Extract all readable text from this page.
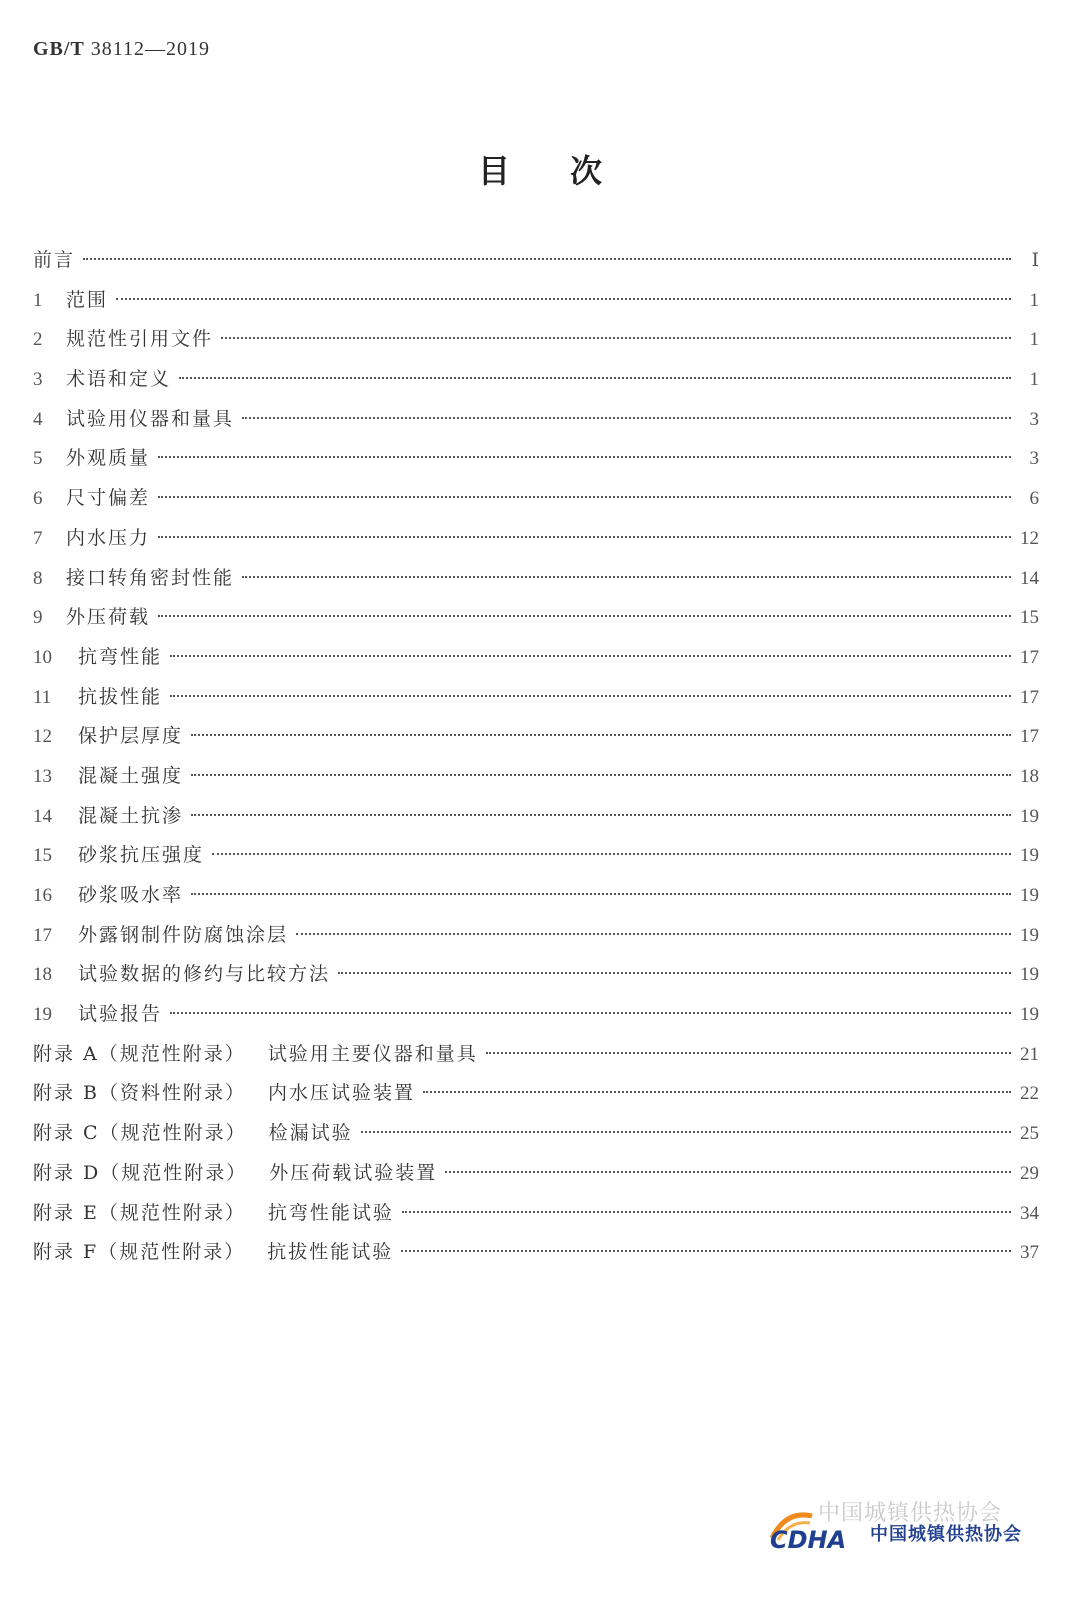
GB/T 38112—2019
目次
前言	Ⅰ
1	范围	1
2	规范性引用文件	1
3	术语和定义	1
4	试验用仪器和量具	3
5	外观质量	3
6	尺寸偏差	6
7	内水压力	12
8	接口转角密封性能	14
9	外压荷载	15
10	抗弯性能	17
11	抗拔性能	17
12	保护层厚度	17
13	混凝土强度	18
14	混凝土抗渗	19
15	砂浆抗压强度	19
16	砂浆吸水率	19
17	外露钢制件防腐蚀涂层	19
18	试验数据的修约与比较方法	19
19	试验报告	19
附录 A（规范性附录） 试验用主要仪器和量具	21
附录 B（资料性附录） 内水压试验装置	22
附录 C（规范性附录） 检漏试验	25
附录 D（规范性附录） 外压荷载试验装置	29
附录 E（规范性附录） 抗弯性能试验	34
附录 F（规范性附录） 抗拔性能试验	37
中国城镇供热协会
CDHA 中国城镇供热协会
